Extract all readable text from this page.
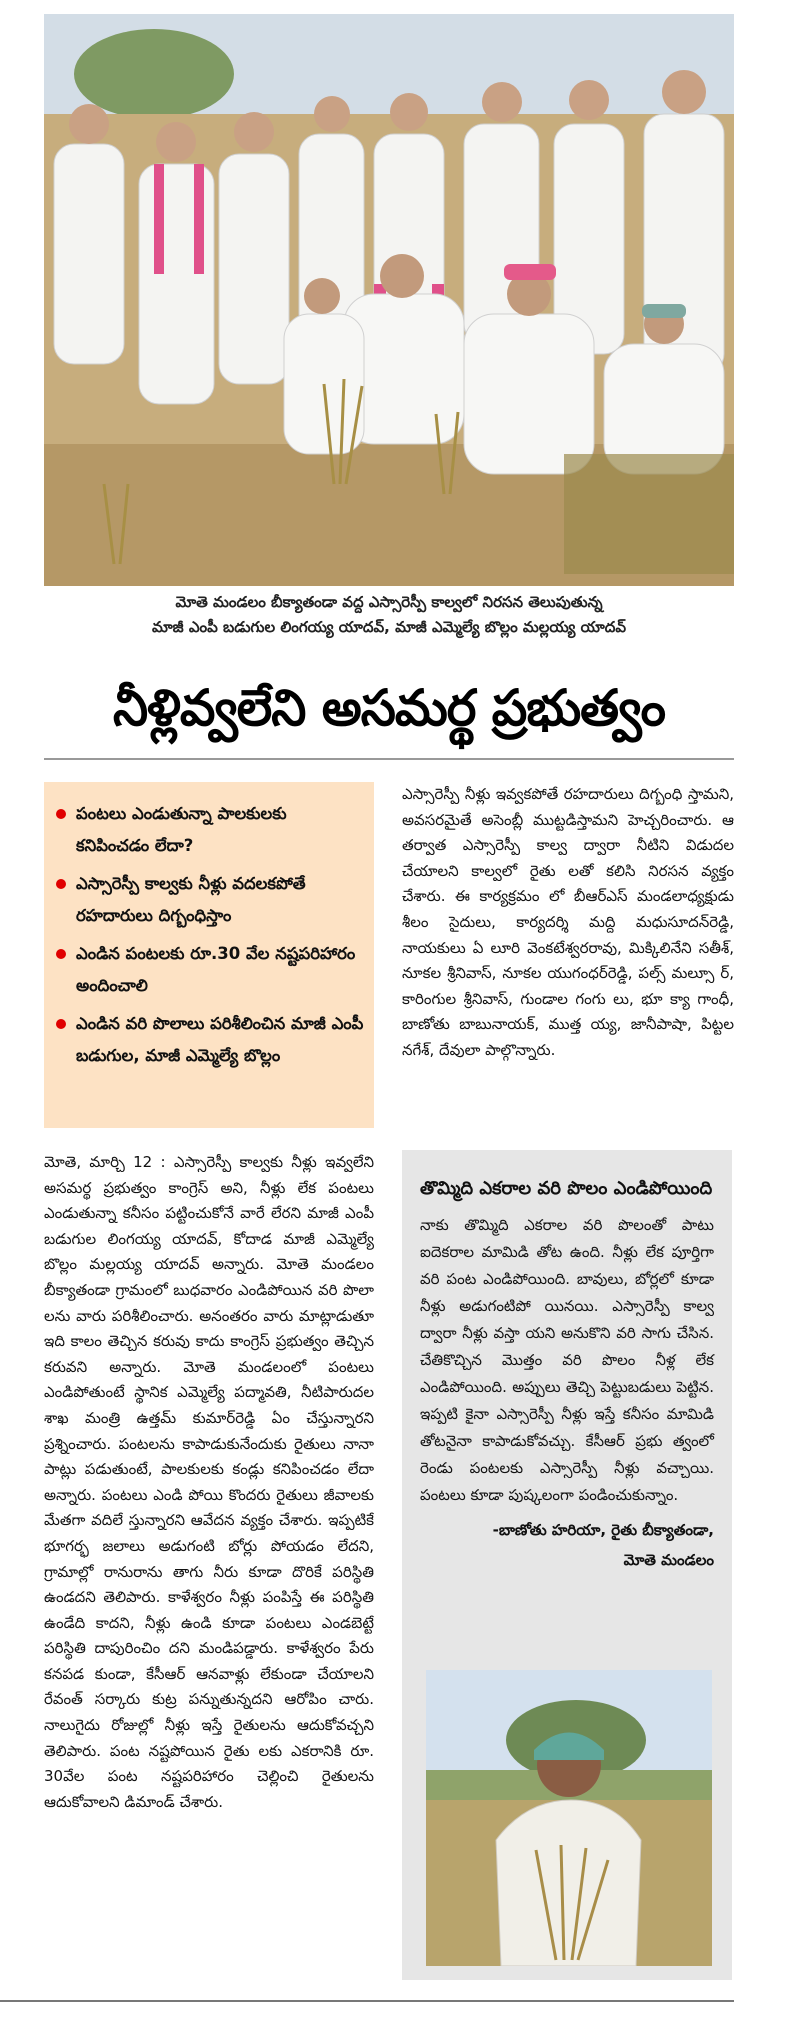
మోతె మండలం బీక్యాతండా వద్ద ఎస్సారెస్పీ కాల్వలో నిరసన తెలుపుతున్న
మాజీ ఎంపీ బడుగుల లింగయ్య యాదవ్, మాజీ ఎమ్మెల్యే బొల్లం మల్లయ్య యాదవ్
నీళ్లివ్వలేని అసమర్థ ప్రభుత్వం
పంటలు ఎండుతున్నా పాలకులకు కనిపించడం లేదా?
ఎస్సారెస్పీ కాల్వకు నీళ్లు వదలకపోతే రహదారులు దిగ్బంధిస్తాం
ఎండిన పంటలకు రూ.30 వేల నష్టపరిహారం అందించాలి
ఎండిన వరి పొలాలు పరిశీలించిన మాజీ ఎంపీ బడుగుల, మాజీ ఎమ్మెల్యే బొల్లం
ఎస్సారెస్పీ నీళ్లు ఇవ్వకపోతే రహదారులు దిగ్బంధి స్తామని, అవసరమైతే అసెంబ్లీ ముట్టడిస్తామని హెచ్చరించారు. ఆ తర్వాత ఎస్సారెస్పీ కాల్వ ద్వారా నీటిని విడుదల చేయాలని కాల్వలో రైతు లతో కలిసి నిరసన వ్యక్తం చేశారు. ఈ కార్యక్రమం లో బీఆర్‌ఎస్ మండలాధ్యక్షుడు శీలం సైదులు, కార్యదర్శి మద్ది మధుసూదన్‌రెడ్డి, నాయకులు ఏ లూరి వెంకటేశ్వరరావు, మిక్కిలినేని సతీశ్, నూకల శ్రీనివాస్, నూకల యుగంధర్‌రెడ్డి, పల్స్ మల్సూ ర్, కారింగుల శ్రీనివాస్, గుండాల గంగు లు, భూ క్యా గాంధీ, బాణోతు బాబునాయక్, ముత్త య్య, జానీపాషా, పిట్టల నగేశ్, దేవులా పాల్గొన్నారు.
మోతె, మార్చి 12 : ఎస్సారెస్పీ కాల్వకు నీళ్లు ఇవ్వలేని అసమర్థ ప్రభుత్వం కాంగ్రెస్ అని, నీళ్లు లేక పంటలు ఎండుతున్నా కనీసం పట్టించుకోనే వారే లేరని మాజీ ఎంపీ బడుగుల లింగయ్య యాదవ్, కోదాడ మాజీ ఎమ్మెల్యే బొల్లం మల్లయ్య యాదవ్ అన్నారు. మోతె మండలం బీక్యాతండా గ్రామంలో బుధవారం ఎండిపోయిన వరి పొలా లను వారు పరిశీలించారు. అనంతరం వారు మాట్లాడుతూ ఇది కాలం తెచ్చిన కరువు కాదు కాంగ్రెస్ ప్రభుత్వం తెచ్చిన కరువని అన్నారు. మోతె మండలంలో పంటలు ఎండిపోతుంటే స్థానిక ఎమ్మెల్యే పద్మావతి, నీటిపారుదల శాఖ మంత్రి ఉత్తమ్ కుమార్‌రెడ్డి ఏం చేస్తున్నారని ప్రశ్నించారు. పంటలను కాపాడుకునేందుకు రైతులు నానా పాట్లు పడుతుంటే, పాలకులకు కండ్లు కనిపించడం లేదా అన్నారు. పంటలు ఎండి పోయి కొందరు రైతులు జీవాలకు మేతగా వదిలే స్తున్నారని ఆవేదన వ్యక్తం చేశారు. ఇప్పటికే భూగర్భ జలాలు అడుగంటి బోర్లు పోయడం లేదని, గ్రామాల్లో రానురాను తాగు నీరు కూడా దొరికే పరిస్థితి ఉండదని తెలిపారు. కాళేశ్వరం నీళ్లు పంపిస్తే ఈ పరిస్థితి ఉండేది కాదని, నీళ్లు ఉండి కూడా పంటలు ఎండబెట్టే పరిస్థితి దాపురించిం దని మండిపడ్డారు. కాళేశ్వరం పేరు కనపడ కుండా, కేసీఆర్ ఆనవాళ్లు లేకుండా చేయాలని రేవంత్ సర్కారు కుట్ర పన్నుతున్నదని ఆరోపిం చారు. నాలుగైదు రోజుల్లో నీళ్లు ఇస్తే రైతులను ఆదుకోవచ్చని తెలిపారు. పంట నష్టపోయిన రైతు లకు ఎకరానికి రూ. 30వేల పంట నష్టపరిహారం చెల్లించి రైతులను ఆదుకోవాలని డిమాండ్ చేశారు.
తొమ్మిది ఎకరాల వరి పొలం ఎండిపోయింది
నాకు తొమ్మిది ఎకరాల వరి పొలంతో పాటు ఐదెకరాల మామిడి తోట ఉంది. నీళ్లు లేక పూర్తిగా వరి పంట ఎండిపోయింది. బావులు, బోర్లలో కూడా నీళ్లు అడుగంటిపో యినయి. ఎస్సారెస్పీ కాల్వ ద్వారా నీళ్లు వస్తా యని అనుకొని వరి సాగు చేసిన. చేతికొచ్చిన మొత్తం వరి పొలం నీళ్ల లేక ఎండిపోయింది. అప్పులు తెచ్చి పెట్టుబడులు పెట్టిన. ఇప్పటి కైనా ఎస్సారెస్పీ నీళ్లు ఇస్తే కనీసం మామిడి తోటనైనా కాపాడుకోవచ్చు. కేసీఆర్ ప్రభు త్వంలో రెండు పంటలకు ఎస్సారెస్పీ నీళ్లు వచ్చాయి. పంటలు కూడా పుష్కలంగా పండించుకున్నాం.
-బాణోతు హరియా, రైతు బీక్యాతండా,
మోతె మండలం
